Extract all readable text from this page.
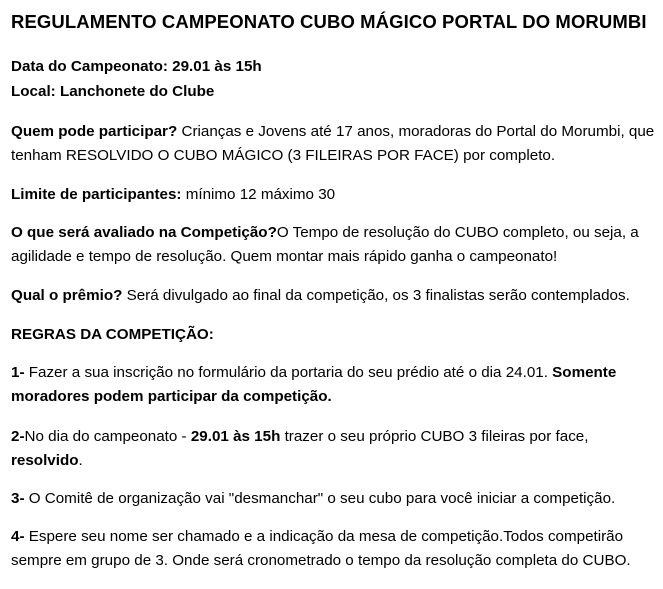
REGULAMENTO CAMPEONATO CUBO MÁGICO PORTAL DO MORUMBI
Data do Campeonato: 29.01 às 15h
Local: Lanchonete do Clube
Quem pode participar? Crianças e Jovens até 17 anos, moradoras do Portal do Morumbi, que
tenham RESOLVIDO O CUBO MÁGICO (3 FILEIRAS POR FACE) por completo.
Limite de participantes: mínimo 12 máximo 30
O que será avaliado na Competição?O Tempo de resolução do CUBO completo, ou seja, a
agilidade e tempo de resolução. Quem montar mais rápido ganha o campeonato!
Qual o prêmio? Será divulgado ao final da competição, os 3 finalistas serão contemplados.
REGRAS DA COMPETIÇÃO:
1- Fazer a sua inscrição no formulário da portaria do seu prédio até o dia 24.01. Somente
moradores podem participar da competição.
2-No dia do campeonato - 29.01 às 15h trazer o seu próprio CUBO 3 fileiras por face,
resolvido.
3- O Comitê de organização vai "desmanchar" o seu cubo para você iniciar a competição.
4- Espere seu nome ser chamado e a indicação da mesa de competição.Todos competirão
sempre em grupo de 3. Onde será cronometrado o tempo da resolução completa do CUBO.
